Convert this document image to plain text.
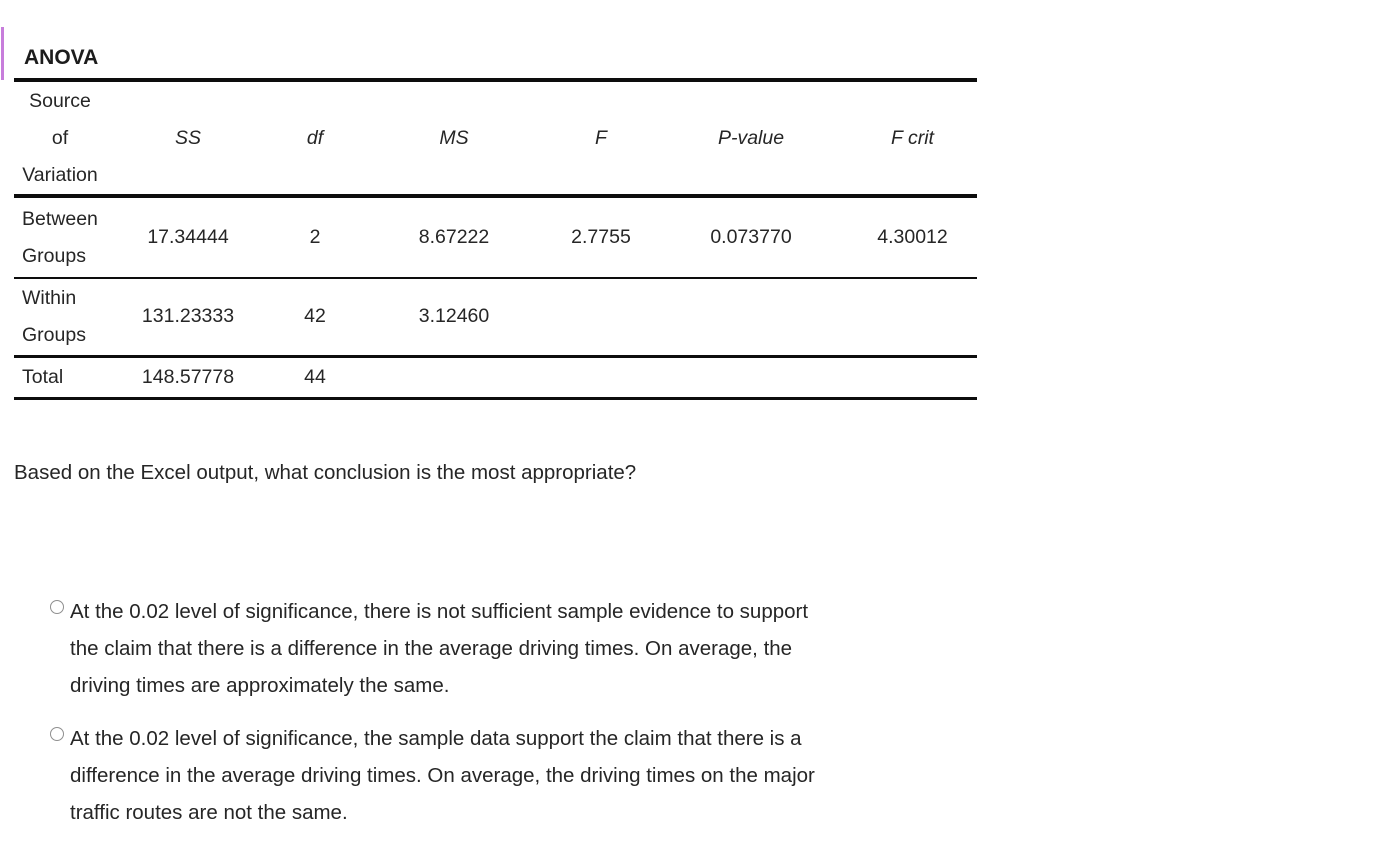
ANOVA
Source
of
Variation	SS	df	MS	F	P-value	F crit
Between Groups	17.34444	2	8.67222	2.7755	0.073770	4.30012
Within Groups	131.23333	42	3.12460			
Total	148.57778	44				
Based on the Excel output, what conclusion is the most appropriate?
At the 0.02 level of significance, there is not sufficient sample evidence to support
the claim that there is a difference in the average driving times. On average, the
driving times are approximately the same.
At the 0.02 level of significance, the sample data support the claim that there is a
difference in the average driving times. On average, the driving times on the major
traffic routes are not the same.
